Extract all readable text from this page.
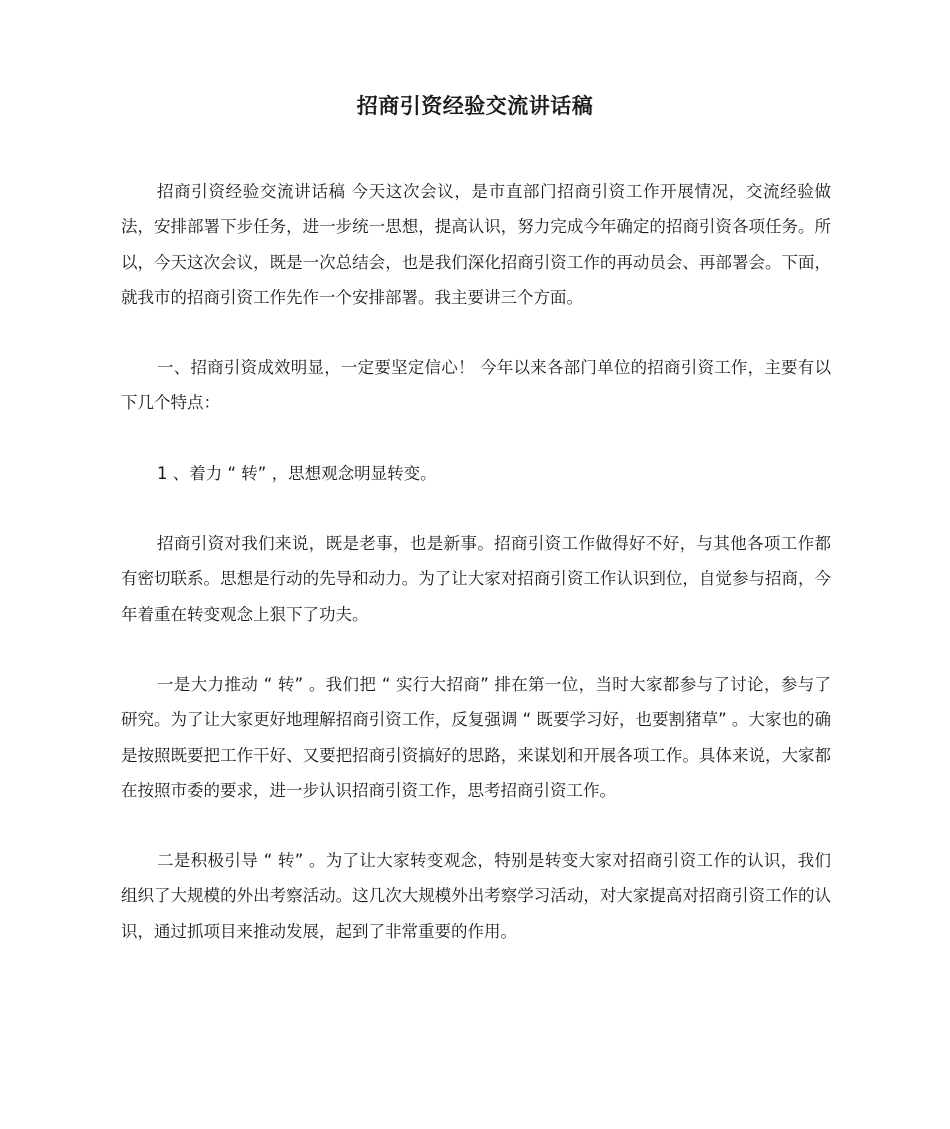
招商引资经验交流讲话稿

招商引资经验交流讲话稿 今天这次会议，是市直部门招商引资工作开展情况，交流经验做法，安排部署下步任务，进一步统一思想，提高认识，努力完成今年确定的招商引资各项任务。所以，今天这次会议，既是一次总结会，也是我们深化招商引资工作的再动员会、再部署会。下面，就我市的招商引资工作先作一个安排部署。我主要讲三个方面。

一、招商引资成效明显，一定要坚定信心！ 今年以来各部门单位的招商引资工作，主要有以下几个特点：

1 、着力 “ 转” ，思想观念明显转变。

招商引资对我们来说，既是老事，也是新事。招商引资工作做得好不好，与其他各项工作都有密切联系。思想是行动的先导和动力。为了让大家对招商引资工作认识到位，自觉参与招商，今年着重在转变观念上狠下了功夫。

一是大力推动 “ 转” 。我们把 “ 实行大招商” 排在第一位，当时大家都参与了讨论，参与了研究。为了让大家更好地理解招商引资工作，反复强调 “ 既要学习好，也要割猪草” 。大家也的确是按照既要把工作干好、又要把招商引资搞好的思路，来谋划和开展各项工作。具体来说，大家都在按照市委的要求，进一步认识招商引资工作，思考招商引资工作。

二是积极引导 “ 转” 。为了让大家转变观念，特别是转变大家对招商引资工作的认识，我们组织了大规模的外出考察活动。这几次大规模外出考察学习活动，对大家提高对招商引资工作的认识，通过抓项目来推动发展，起到了非常重要的作用。
